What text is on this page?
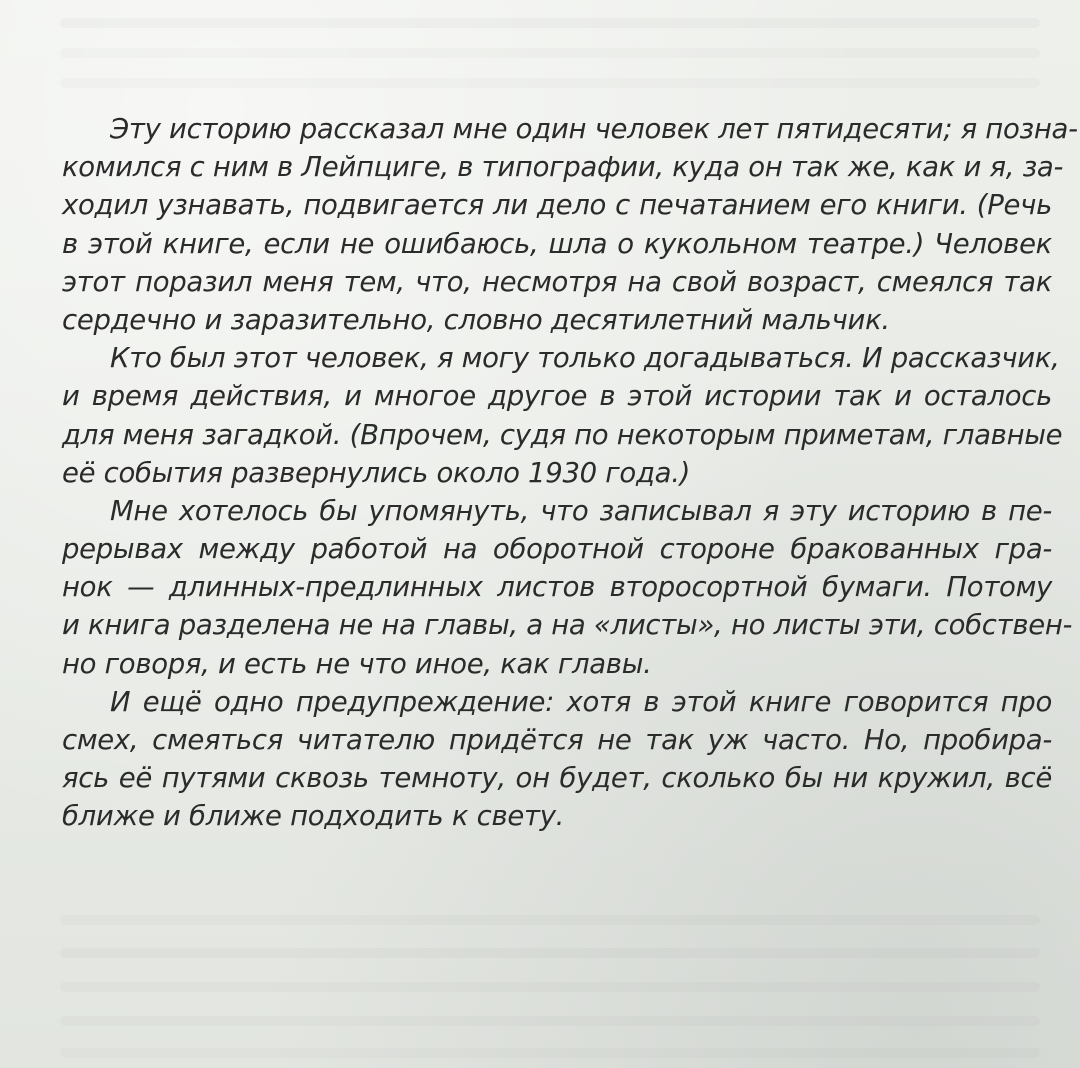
Эту историю рассказал мне один человек лет пятидесяти; я позна-
комился с ним в Лейпциге, в типографии, куда он так же, как и я, за-
ходил узнавать, подвигается ли дело с печатанием его книги. (Речь
в этой книге, если не ошибаюсь, шла о кукольном театре.) Человек
этот поразил меня тем, что, несмотря на свой возраст, смеялся так
сердечно и заразительно, словно десятилетний мальчик.
Кто был этот человек, я могу только догадываться. И рассказчик,
и время действия, и многое другое в этой истории так и осталось
для меня загадкой. (Впрочем, судя по некоторым приметам, главные
её события развернулись около 1930 года.)
Мне хотелось бы упомянуть, что записывал я эту историю в пе-
рерывах между работой на оборотной стороне бракованных гра-
нок — длинных-предлинных листов второсортной бумаги. Потому
и книга разделена не на главы, а на «листы», но листы эти, собствен-
но говоря, и есть не что иное, как главы.
И ещё одно предупреждение: хотя в этой книге говорится про
смех, смеяться читателю придётся не так уж часто. Но, пробира-
ясь её путями сквозь темноту, он будет, сколько бы ни кружил, всё
ближе и ближе подходить к свету.
